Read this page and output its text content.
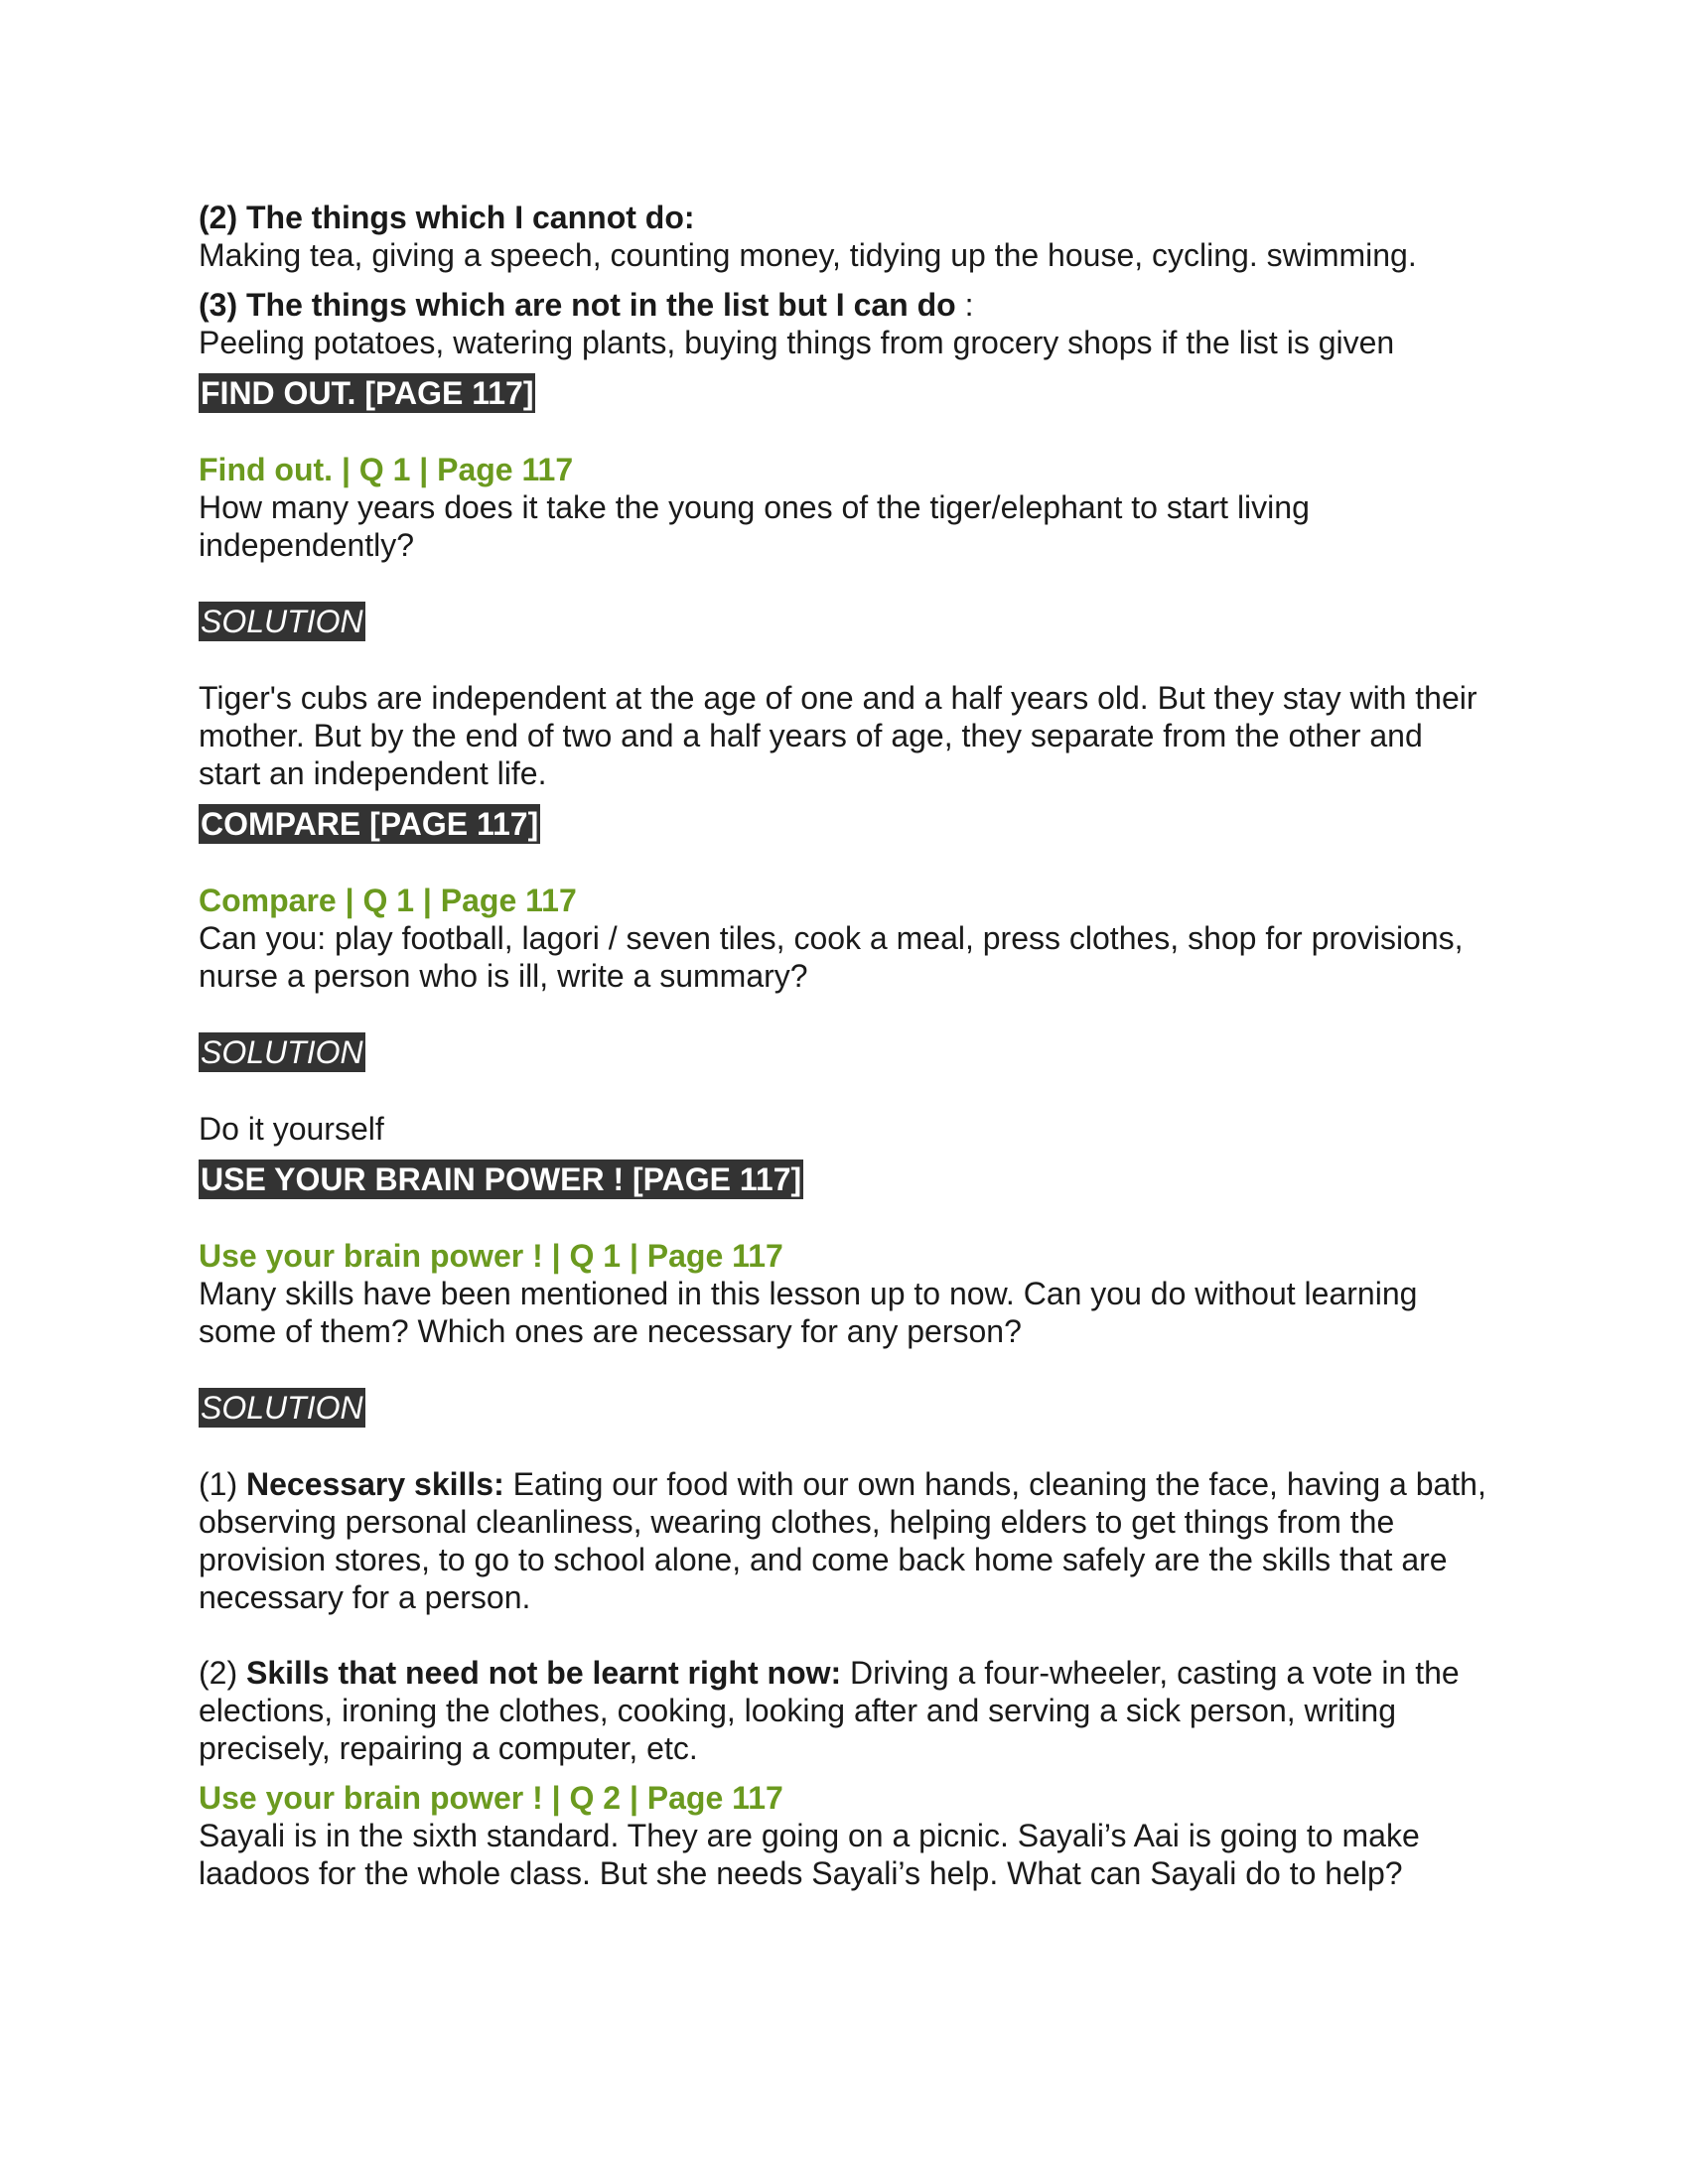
(2) The things which I cannot do:

Making tea, giving a speech, counting money, tidying up the house, cycling. swimming.

(3) The things which are not in the list but I can do :

Peeling potatoes, watering plants, buying things from grocery shops if the list is given

FIND OUT. [PAGE 117]

Find out. | Q 1 | Page 117

How many years does it take the young ones of the tiger/elephant to start living independently?

SOLUTION

Tiger's cubs are independent at the age of one and a half years old. But they stay with their mother. But by the end of two and a half years of age, they separate from the other and start an independent life.

COMPARE [PAGE 117]

Compare | Q 1 | Page 117

Can you: play football, lagori / seven tiles, cook a meal, press clothes, shop for provisions, nurse a person who is ill, write a summary?

SOLUTION

Do it yourself

USE YOUR BRAIN POWER ! [PAGE 117]

Use your brain power ! | Q 1 | Page 117

Many skills have been mentioned in this lesson up to now. Can you do without learning some of them? Which ones are necessary for any person?

SOLUTION

(1) Necessary skills: Eating our food with our own hands, cleaning the face, having a bath, observing personal cleanliness, wearing clothes, helping elders to get things from the provision stores, to go to school alone, and come back home safely are the skills that are necessary for a person.

(2) Skills that need not be learnt right now: Driving a four-wheeler, casting a vote in the elections, ironing the clothes, cooking, looking after and serving a sick person, writing precisely, repairing a computer, etc.

Use your brain power ! | Q 2 | Page 117

Sayali is in the sixth standard. They are going on a picnic. Sayali’s Aai is going to make laadoos for the whole class. But she needs Sayali’s help. What can Sayali do to help?
